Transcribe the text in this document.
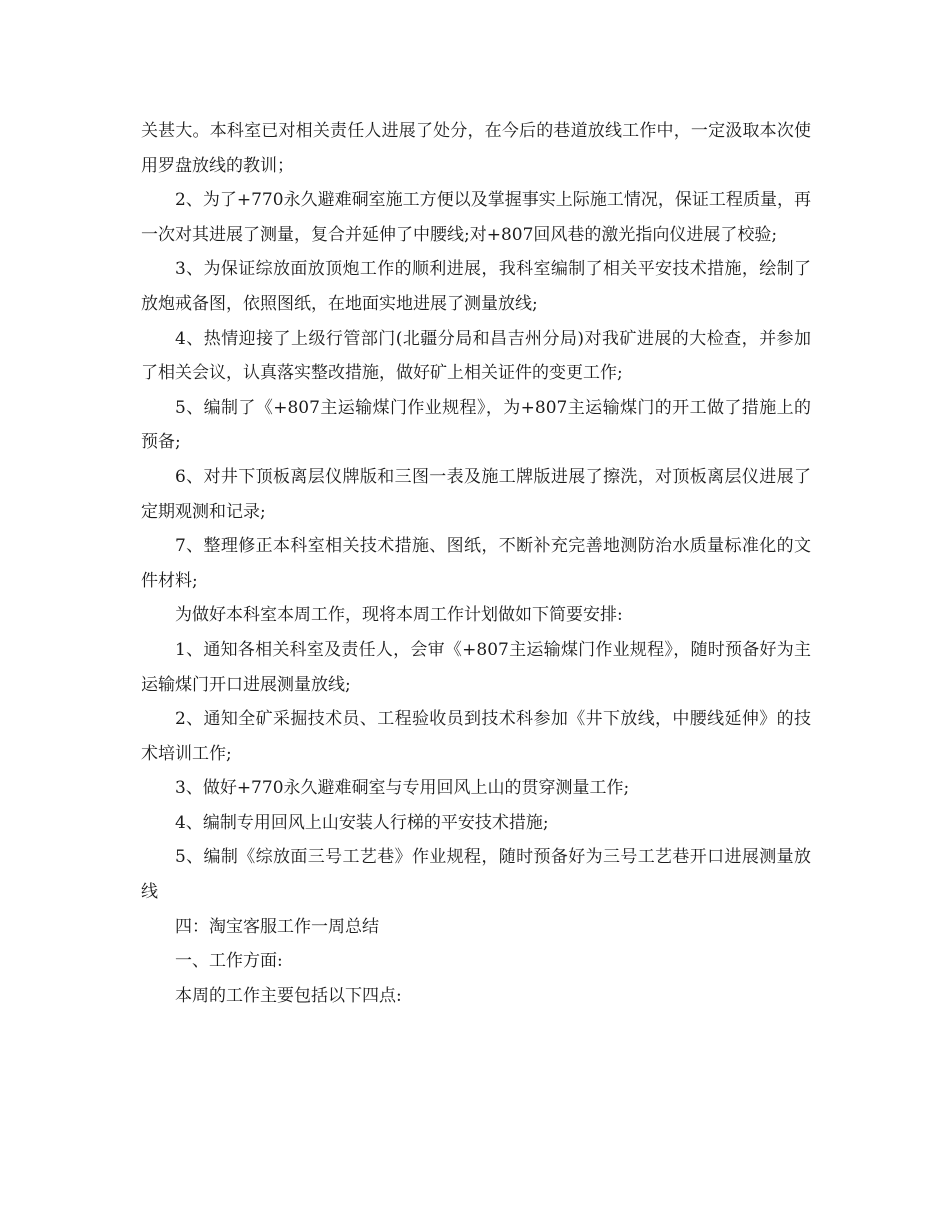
关甚大。本科室已对相关责任人进展了处分，在今后的巷道放线工作中，一定汲取本次使用罗盘放线的教训；

2、为了+770永久避难硐室施工方便以及掌握事实上际施工情况，保证工程质量，再一次对其进展了测量，复合并延伸了中腰线;对+807回风巷的激光指向仪进展了校验;

3、为保证综放面放顶炮工作的顺利进展，我科室编制了相关平安技术措施，绘制了放炮戒备图，依照图纸，在地面实地进展了测量放线;

4、热情迎接了上级行管部门(北疆分局和昌吉州分局)对我矿进展的大检查，并参加了相关会议，认真落实整改措施，做好矿上相关证件的变更工作;

5、编制了《+807主运输煤门作业规程》，为+807主运输煤门的开工做了措施上的预备;

6、对井下顶板离层仪牌版和三图一表及施工牌版进展了擦洗，对顶板离层仪进展了定期观测和记录;

7、整理修正本科室相关技术措施、图纸，不断补充完善地测防治水质量标准化的文件材料;

为做好本科室本周工作，现将本周工作计划做如下简要安排:

1、通知各相关科室及责任人，会审《+807主运输煤门作业规程》，随时预备好为主运输煤门开口进展测量放线;

2、通知全矿采掘技术员、工程验收员到技术科参加《井下放线，中腰线延伸》的技术培训工作;

3、做好+770永久避难硐室与专用回风上山的贯穿测量工作;

4、编制专用回风上山安装人行梯的平安技术措施;

5、编制《综放面三号工艺巷》作业规程，随时预备好为三号工艺巷开口进展测量放线

四：淘宝客服工作一周总结

一、工作方面:

本周的工作主要包括以下四点:
